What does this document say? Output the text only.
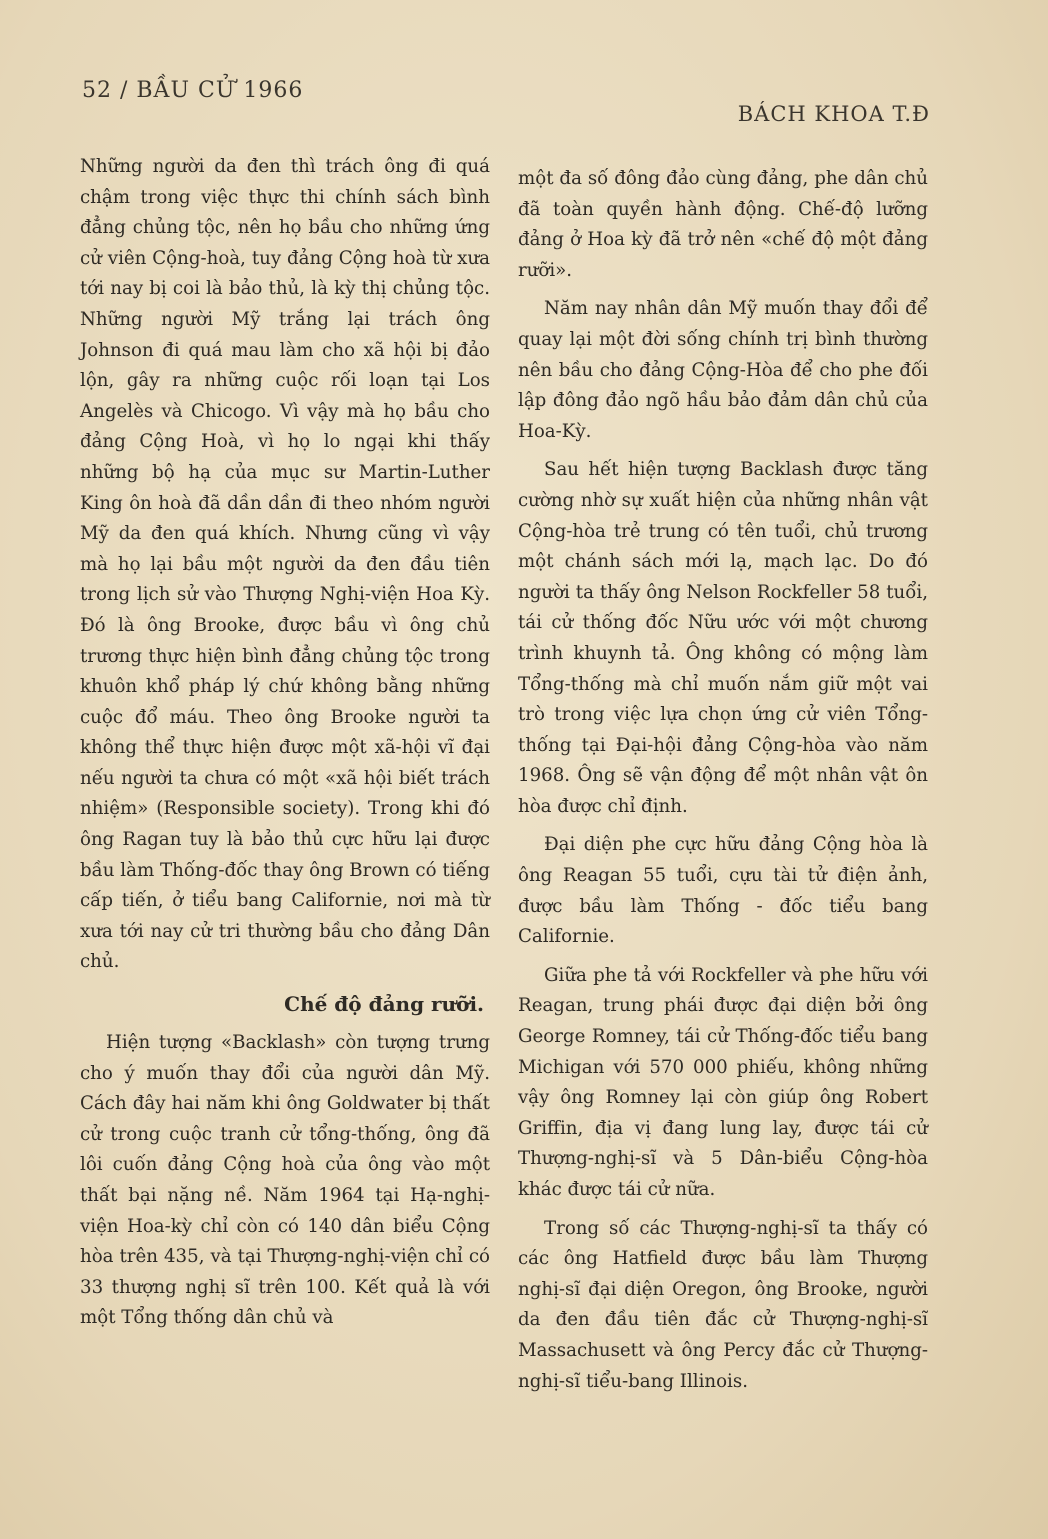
52 / BẦU CỬ 1966
BÁCH KHOA T.Đ

Những người da đen thì trách ông đi quá chậm trong việc thực thi chính sách bình đẳng chủng tộc, nên họ bầu cho những ứng cử viên Cộng-hoà, tuy đảng Cộng hoà từ xưa tới nay bị coi là bảo thủ, là kỳ thị chủng tộc. Những người Mỹ trắng lại trách ông Johnson đi quá mau làm cho xã hội bị đảo lộn, gây ra những cuộc rối loạn tại Los Angelès và Chicogo. Vì vậy mà họ bầu cho đảng Cộng Hoà, vì họ lo ngại khi thấy những bộ hạ của mục sư Martin-Luther King ôn hoà đã dần dần đi theo nhóm người Mỹ da đen quá khích. Nhưng cũng vì vậy mà họ lại bầu một người da đen đầu tiên trong lịch sử vào Thượng Nghị-viện Hoa Kỳ. Đó là ông Brooke, được bầu vì ông chủ trương thực hiện bình đẳng chủng tộc trong khuôn khổ pháp lý chứ không bằng những cuộc đổ máu. Theo ông Brooke người ta không thể thực hiện được một xã-hội vĩ đại nếu người ta chưa có một «xã hội biết trách nhiệm» (Responsible society). Trong khi đó ông Ragan tuy là bảo thủ cực hữu lại được bầu làm Thống-đốc thay ông Brown có tiếng cấp tiến, ở tiểu bang Californie, nơi mà từ xưa tới nay cử tri thường bầu cho đảng Dân chủ.

Chế độ đảng rưỡi.

Hiện tượng «Backlash» còn tượng trưng cho ý muốn thay đổi của người dân Mỹ. Cách đây hai năm khi ông Goldwater bị thất cử trong cuộc tranh cử tổng-thống, ông đã lôi cuốn đảng Cộng hoà của ông vào một thất bại nặng nề. Năm 1964 tại Hạ-nghị-viện Hoa-kỳ chỉ còn có 140 dân biểu Cộng hòa trên 435, và tại Thượng-nghị-viện chỉ có 33 thượng nghị sĩ trên 100. Kết quả là với một Tổng thống dân chủ và

một đa số đông đảo cùng đảng, phe dân chủ đã toàn quyền hành động. Chế-độ lưỡng đảng ở Hoa kỳ đã trở nên «chế độ một đảng rưỡi».

Năm nay nhân dân Mỹ muốn thay đổi để quay lại một đời sống chính trị bình thường nên bầu cho đảng Cộng-Hòa để cho phe đối lập đông đảo ngõ hầu bảo đảm dân chủ của Hoa-Kỳ.

Sau hết hiện tượng Backlash được tăng cường nhờ sự xuất hiện của những nhân vật Cộng-hòa trẻ trung có tên tuổi, chủ trương một chánh sách mới lạ, mạch lạc. Do đó người ta thấy ông Nelson Rockfeller 58 tuổi, tái cử thống đốc Nữu ước với một chương trình khuynh tả. Ông không có mộng làm Tổng-thống mà chỉ muốn nắm giữ một vai trò trong việc lựa chọn ứng cử viên Tổng-thống tại Đại-hội đảng Cộng-hòa vào năm 1968. Ông sẽ vận động để một nhân vật ôn hòa được chỉ định.

Đại diện phe cực hữu đảng Cộng hòa là ông Reagan 55 tuổi, cựu tài tử điện ảnh, được bầu làm Thống - đốc tiểu bang Californie.

Giữa phe tả với Rockfeller và phe hữu với Reagan, trung phái được đại diện bởi ông George Romney, tái cử Thống-đốc tiểu bang Michigan với 570 000 phiếu, không những vậy ông Romney lại còn giúp ông Robert Griffin, địa vị đang lung lay, được tái cử Thượng-nghị-sĩ và 5 Dân-biểu Cộng-hòa khác được tái cử nữa.

Trong số các Thượng-nghị-sĩ ta thấy có các ông Hatfield được bầu làm Thượng nghị-sĩ đại diện Oregon, ông Brooke, người da đen đầu tiên đắc cử Thượng-nghị-sĩ Massachusett và ông Percy đắc cử Thượng-nghị-sĩ tiểu-bang Illinois.
